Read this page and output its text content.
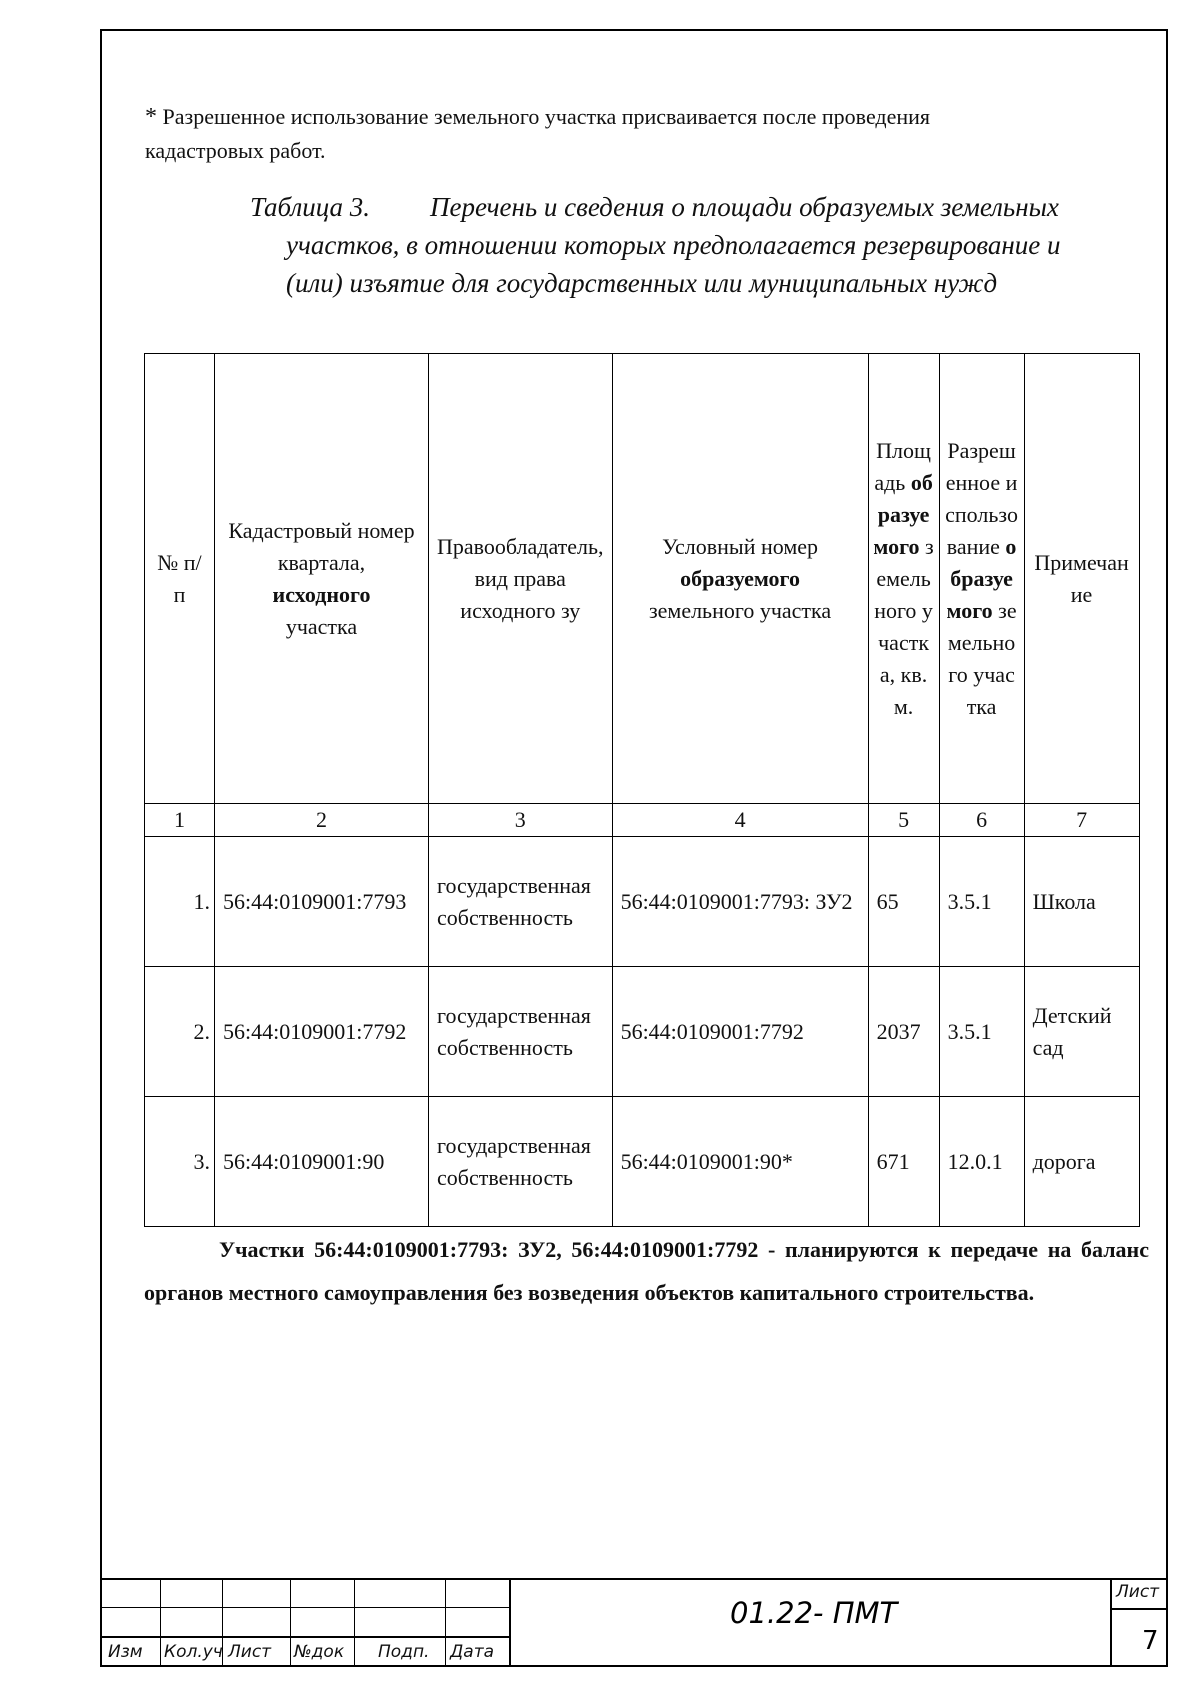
* Разрешенное использование земельного участка присваивается после проведения
кадастровых работ.
Таблица 3. Перечень и сведения о площади образуемых земельных
участков, в отношении которых предполагается резервирование и
(или) изъятие для государственных или муниципальных нужд
№ п/п	Кадастровый номер квартала,
исходного
участка	Правообладатель, вид права исходного зу	Условный номер
образуемого
земельного участка	Площадь образуемого земельного участка, кв. м.	Разрешенное использование образуемого земельного участка	Примечание
1	2	3	4	5	6	7
1.	56:44:0109001:7793	государственная собственность	56:44:0109001:7793: ЗУ2	65	3.5.1	Школа
2.	56:44:0109001:7792	государственная собственность	56:44:0109001:7792	2037	3.5.1	Детский сад
3.	56:44:0109001:90	государственная собственность	56:44:0109001:90*	671	12.0.1	дорога
Участки 56:44:0109001:7793: ЗУ2, 56:44:0109001:7792 - планируются к передаче на баланс органов местного самоуправления без возведения объектов капитального строительства.
Изм Кол.уч Лист №док Подп. Дата
01.22- ПМТ
Лист
7
